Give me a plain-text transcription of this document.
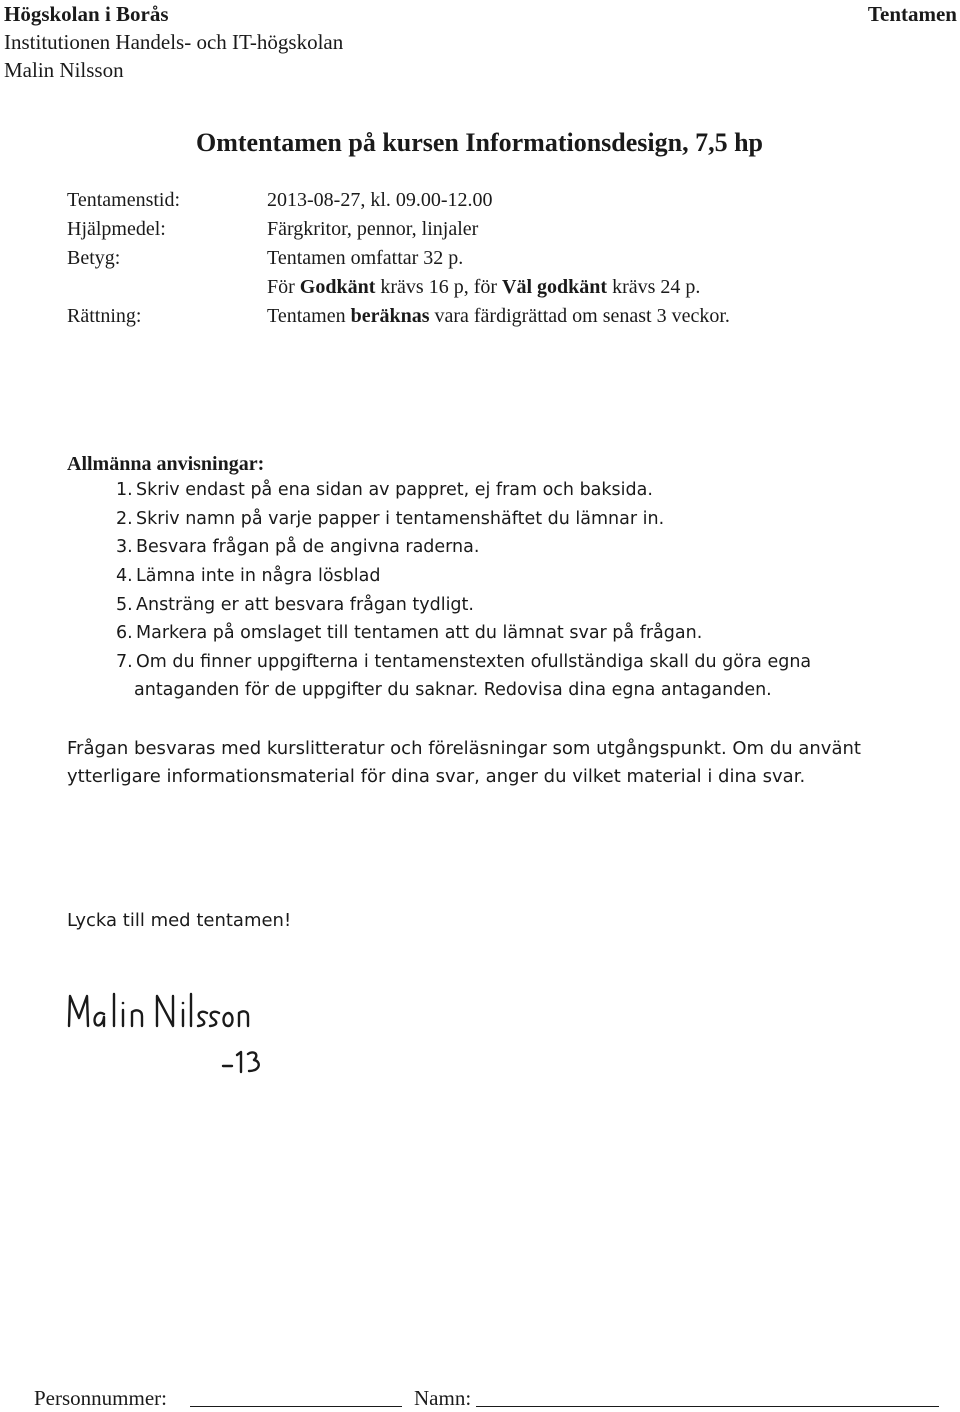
Högskolan i Borås
Institutionen Handels- och IT-högskolan
Malin Nilsson
Tentamen
Omtentamen på kursen Informationsdesign, 7,5 hp
Tentamenstid:	2013-08-27, kl. 09.00-12.00
Hjälpmedel:	Färgkritor, pennor, linjaler
Betyg:	Tentamen omfattar 32 p.
För Godkänt krävs 16 p, för Väl godkänt krävs 24 p.
Rättning:	Tentamen beräknas vara färdigrättad om senast 3 veckor.
Allmänna anvisningar:
1. Skriv endast på ena sidan av pappret, ej fram och baksida.
2. Skriv namn på varje papper i tentamenshäftet du lämnar in.
3. Besvara frågan på de angivna raderna.
4. Lämna inte in några lösblad
5. Ansträng er att besvara frågan tydligt.
6. Markera på omslaget till tentamen att du lämnat svar på frågan.
7. Om du finner uppgifterna i tentamenstexten ofullständiga skall du göra egna
antaganden för de uppgifter du saknar. Redovisa dina egna antaganden.
Frågan besvaras med kurslitteratur och föreläsningar som utgångspunkt. Om du använt
ytterligare informationsmaterial för dina svar, anger du vilket material i dina svar.
Lycka till med tentamen!
Personnummer:	Namn:
